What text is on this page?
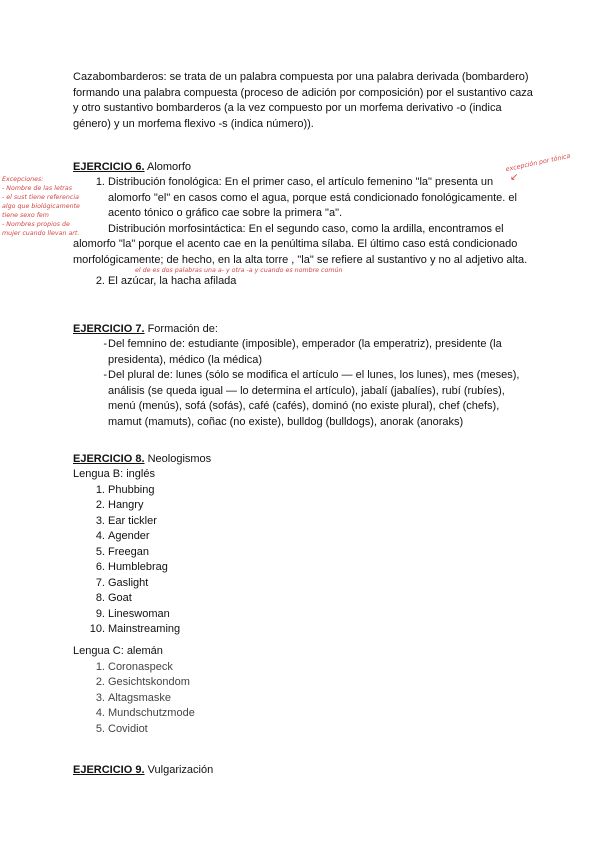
Cazabombarderos: se trata de un palabra compuesta por una palabra derivada (bombardero) formando una palabra compuesta (proceso de adición por composición) por el sustantivo caza y otro sustantivo bombarderos (a la vez compuesto por un morfema derivativo -o (indica género) y un morfema flexivo -s (indica número)).
EJERCICIO 6. Alomorfo
1. Distribución fonológica: En el primer caso, el artículo femenino "la" presenta un alomorfo "el" en casos como el agua, porque está condicionado fonológicamente. el acento tónico o gráfico cae sobre la primera "a".
Distribución morfosintáctica: En el segundo caso, como la ardilla, encontramos el alomorfo "la" porque el acento cae en la penúltima sílaba. El último caso está condicionado morfológicamente; de hecho, en la alta torre , "la" se refiere al sustantivo y no al adjetivo alta.
2. El azúcar, la hacha afilada
Excepciones:
- Nombre de las letras
- el sust tiene referencia algo que biológicamente tiene sexo fem
- Nombres propios de mujer cuando llevan art.
excepción por tónica
↙
el de es dos palabras una a- y otra -a y cuando es nombre común
EJERCICIO 7. Formación de:
- Del femnino de: estudiante (imposible), emperador (la emperatriz), presidente (la presidenta), médico (la médica)
- Del plural de: lunes (sólo se modifica el artículo — el lunes, los lunes), mes (meses), análisis (se queda igual — lo determina el artículo), jabalí (jabalíes), rubí (rubíes), menú (menús), sofá (sofás), café (cafés), dominó (no existe plural), chef (chefs), mamut (mamuts), coñac (no existe), bulldog (bulldogs), anorak (anoraks)
EJERCICIO 8. Neologismos
Lengua B: inglés
1. Phubbing
2. Hangry
3. Ear tickler
4. Agender
5. Freegan
6. Humblebrag
7. Gaslight
8. Goat
9. Lineswoman
10. Mainstreaming
Lengua C: alemán
1. Coronaspeck
2. Gesichtskondom
3. Altagsmaske
4. Mundschutzmode
5. Covidiot
EJERCICIO 9. Vulgarización
